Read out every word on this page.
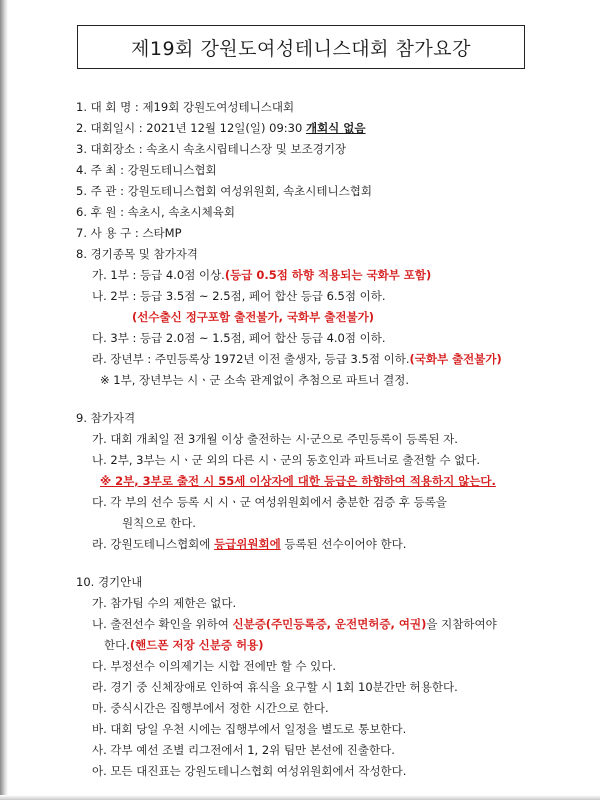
제19회 강원도여성테니스대회 참가요강
1. 대 회 명 : 제19회 강원도여성테니스대회
2. 대회일시 : 2021년 12월 12일(일) 09:30 개회식 없음
3. 대회장소 : 속초시 속초시립테니스장 및 보조경기장
4. 주 최 : 강원도테니스협회
5. 주 관 : 강원도테니스협회 여성위원회, 속초시테니스협회
6. 후 원 : 속초시, 속초시체육회
7. 사 용 구 : 스타MP
8. 경기종목 및 참가자격
가. 1부 : 등급 4.0점 이상.(등급 0.5점 하향 적용되는 국화부 포함)
나. 2부 : 등급 3.5점 ~ 2.5점, 페어 합산 등급 6.5점 이하.
(선수출신 정구포함 출전불가, 국화부 출전불가)
다. 3부 : 등급 2.0점 ~ 1.5점, 페어 합산 등급 4.0점 이하.
라. 장년부 : 주민등록상 1972년 이전 출생자, 등급 3.5점 이하.(국화부 출전불가)
※ 1부, 장년부는 시ㆍ군 소속 관계없이 추첨으로 파트너 결정.
9. 참가자격
가. 대회 개최일 전 3개월 이상 출전하는 시·군으로 주민등록이 등록된 자.
나. 2부, 3부는 시ㆍ군 외의 다른 시ㆍ군의 동호인과 파트너로 출전할 수 없다.
※ 2부, 3부로 출전 시 55세 이상자에 대한 등급은 하향하여 적용하지 않는다.
다. 각 부의 선수 등록 시 시ㆍ군 여성위원회에서 충분한 검증 후 등록을
원칙으로 한다.
라. 강원도테니스협회에 등급위원회에 등록된 선수이어야 한다.
10. 경기안내
가. 참가팀 수의 제한은 없다.
나. 출전선수 확인을 위하여 신분증(주민등록증, 운전면허증, 여권)을 지참하여야
한다.(핸드폰 저장 신분증 허용)
다. 부정선수 이의제기는 시합 전에만 할 수 있다.
라. 경기 중 신체장애로 인하여 휴식을 요구할 시 1회 10분간만 허용한다.
마. 중식시간은 집행부에서 정한 시간으로 한다.
바. 대회 당일 우천 시에는 집행부에서 일정을 별도로 통보한다.
사. 각부 예선 조별 리그전에서 1, 2위 팀만 본선에 진출한다.
아. 모든 대진표는 강원도테니스협회 여성위원회에서 작성한다.
